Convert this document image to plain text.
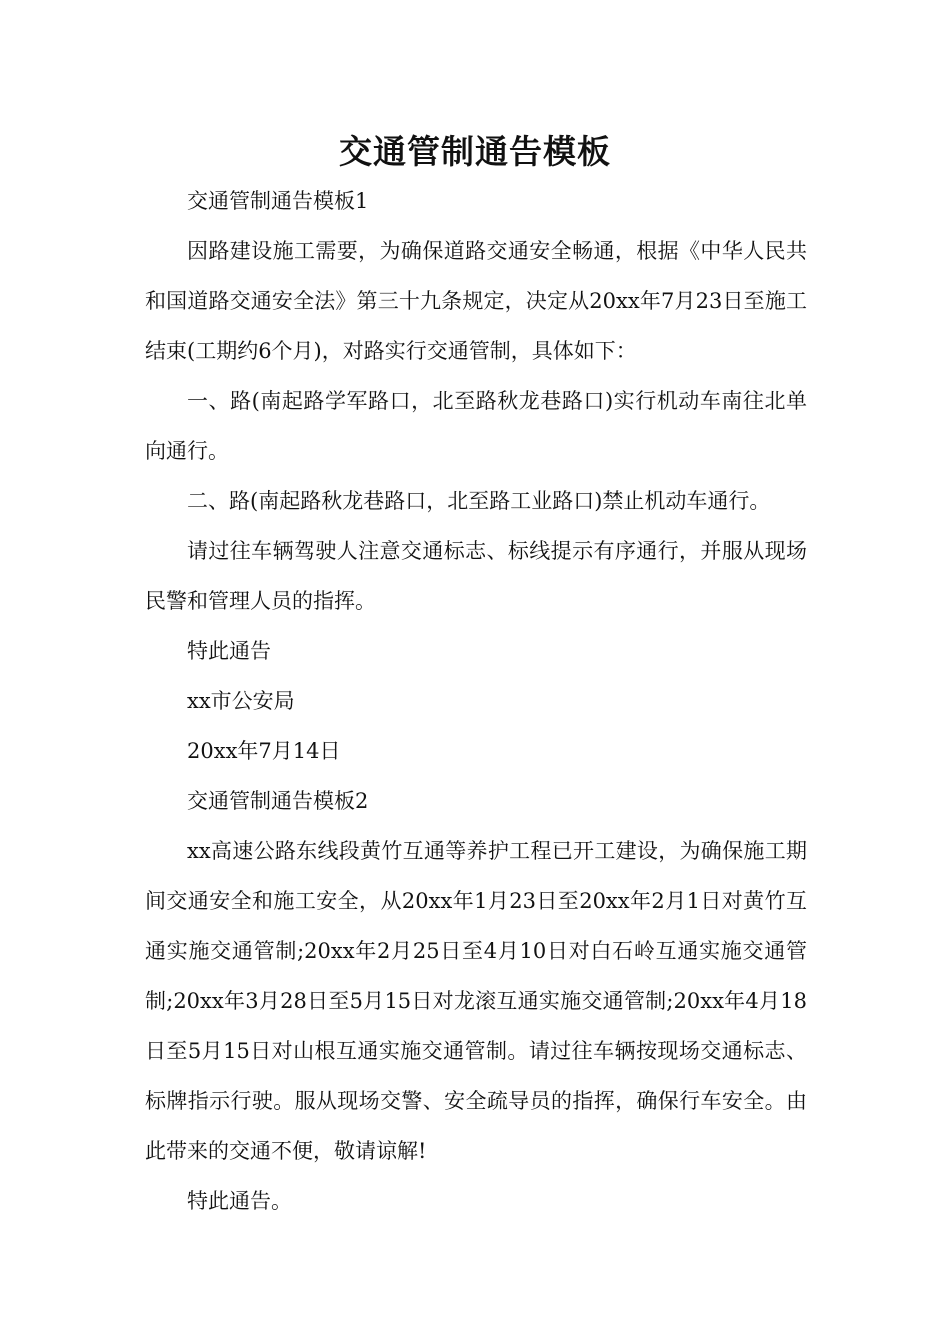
交通管制通告模板

交通管制通告模板1

因路建设施工需要，为确保道路交通安全畅通，根据《中华人民共和国道路交通安全法》第三十九条规定，决定从20xx年7月23日至施工结束(工期约6个月)，对路实行交通管制，具体如下：

一、路(南起路学军路口，北至路秋龙巷路口)实行机动车南往北单向通行。

二、路(南起路秋龙巷路口，北至路工业路口)禁止机动车通行。

请过往车辆驾驶人注意交通标志、标线提示有序通行，并服从现场民警和管理人员的指挥。

特此通告

xx市公安局

20xx年7月14日

交通管制通告模板2

xx高速公路东线段黄竹互通等养护工程已开工建设，为确保施工期间交通安全和施工安全，从20xx年1月23日至20xx年2月1日对黄竹互通实施交通管制;20xx年2月25日至4月10日对白石岭互通实施交通管制;20xx年3月28日至5月15日对龙滚互通实施交通管制;20xx年4月18日至5月15日对山根互通实施交通管制。请过往车辆按现场交通标志、标牌指示行驶。服从现场交警、安全疏导员的指挥，确保行车安全。由此带来的交通不便，敬请谅解!

特此通告。
